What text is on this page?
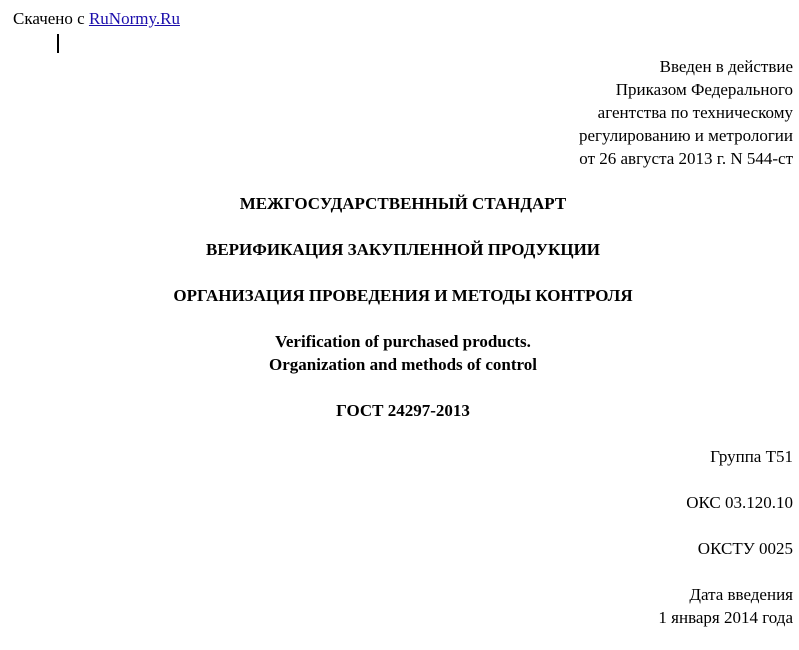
Скачено с RuNormy.Ru
Введен в действие
Приказом Федерального
агентства по техническому
регулированию и метрологии
от 26 августа 2013 г. N 544-ст
МЕЖГОСУДАРСТВЕННЫЙ СТАНДАРТ
ВЕРИФИКАЦИЯ ЗАКУПЛЕННОЙ ПРОДУКЦИИ
ОРГАНИЗАЦИЯ ПРОВЕДЕНИЯ И МЕТОДЫ КОНТРОЛЯ
Verification of purchased products.
Organization and methods of control
ГОСТ 24297-2013
Группа Т51
ОКС 03.120.10
ОКСТУ 0025
Дата введения
1 января 2014 года
